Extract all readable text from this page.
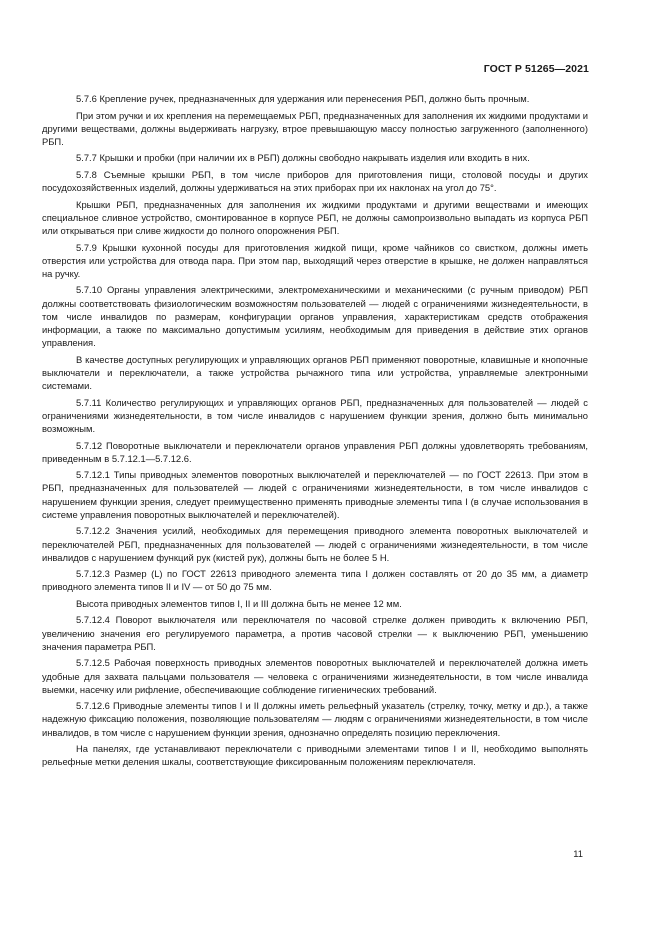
ГОСТ Р 51265—2021

5.7.6 Крепление ручек, предназначенных для удержания или перенесения РБП, должно быть прочным.

При этом ручки и их крепления на перемещаемых РБП, предназначенных для заполнения их жидкими продуктами и другими веществами, должны выдерживать нагрузку, втрое превышающую массу полностью загруженного (заполненного) РБП.

5.7.7 Крышки и пробки (при наличии их в РБП) должны свободно накрывать изделия или входить в них.

5.7.8 Съемные крышки РБП, в том числе приборов для приготовления пищи, столовой посуды и других посудохозяйственных изделий, должны удерживаться на этих приборах при их наклонах на угол до 75°.

Крышки РБП, предназначенных для заполнения их жидкими продуктами и другими веществами и имеющих специальное сливное устройство, смонтированное в корпусе РБП, не должны самопроизвольно выпадать из корпуса РБП или открываться при сливе жидкости до полного опорожнения РБП.

5.7.9 Крышки кухонной посуды для приготовления жидкой пищи, кроме чайников со свистком, должны иметь отверстия или устройства для отвода пара. При этом пар, выходящий через отверстие в крышке, не должен направляться на ручку.

5.7.10 Органы управления электрическими, электромеханическими и механическими (с ручным приводом) РБП должны соответствовать физиологическим возможностям пользователей — людей с ограничениями жизнедеятельности, в том числе инвалидов по размерам, конфигурации органов управления, характеристикам средств отображения информации, а также по максимально допустимым усилиям, необходимым для приведения в действие этих органов управления.

В качестве доступных регулирующих и управляющих органов РБП применяют поворотные, клавишные и кнопочные выключатели и переключатели, а также устройства рычажного типа или устройства, управляемые электронными системами.

5.7.11 Количество регулирующих и управляющих органов РБП, предназначенных для пользователей — людей с ограничениями жизнедеятельности, в том числе инвалидов с нарушением функции зрения, должно быть минимально возможным.

5.7.12 Поворотные выключатели и переключатели органов управления РБП должны удовлетворять требованиям, приведенным в 5.7.12.1—5.7.12.6.

5.7.12.1 Типы приводных элементов поворотных выключателей и переключателей — по ГОСТ 22613. При этом в РБП, предназначенных для пользователей — людей с ограничениями жизнедеятельности, в том числе инвалидов с нарушением функции зрения, следует преимущественно применять приводные элементы типа I (в случае использования в системе управления поворотных выключателей и переключателей).

5.7.12.2 Значения усилий, необходимых для перемещения приводного элемента поворотных выключателей и переключателей РБП, предназначенных для пользователей — людей с ограничениями жизнедеятельности, в том числе инвалидов с нарушением функций рук (кистей рук), должны быть не более 5 Н.

5.7.12.3 Размер (L) по ГОСТ 22613 приводного элемента типа I должен составлять от 20 до 35 мм, а диаметр приводного элемента типов II и IV — от 50 до 75 мм.

Высота приводных элементов типов I, II и III должна быть не менее 12 мм.

5.7.12.4 Поворот выключателя или переключателя по часовой стрелке должен приводить к включению РБП, увеличению значения его регулируемого параметра, а против часовой стрелки — к выключению РБП, уменьшению значения параметра РБП.

5.7.12.5 Рабочая поверхность приводных элементов поворотных выключателей и переключателей должна иметь удобные для захвата пальцами пользователя — человека с ограничениями жизнедеятельности, в том числе инвалида выемки, насечку или рифление, обеспечивающие соблюдение гигиенических требований.

5.7.12.6 Приводные элементы типов I и II должны иметь рельефный указатель (стрелку, точку, метку и др.), а также надежную фиксацию положения, позволяющие пользователям — людям с ограничениями жизнедеятельности, в том числе инвалидов, в том числе с нарушением функции зрения, однозначно определять позицию переключения.

На панелях, где устанавливают переключатели с приводными элементами типов I и II, необходимо выполнять рельефные метки деления шкалы, соответствующие фиксированным положениям переключателя.

11
